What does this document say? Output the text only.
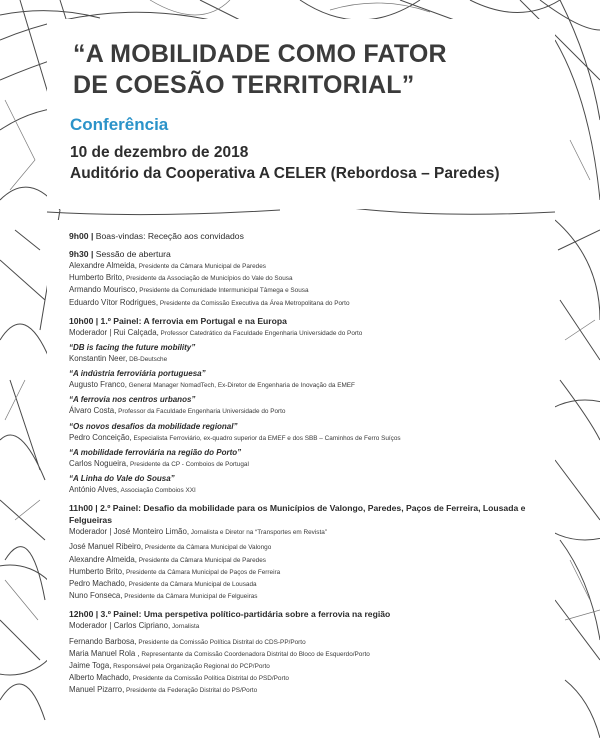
“A MOBILIDADE COMO FATOR
DE COESÃO TERRITORIAL”
Conferência
10 de dezembro de 2018
Auditório da Cooperativa A CELER (Rebordosa – Paredes)
9h00 | Boas-vindas: Receção aos convidados
9h30 | Sessão de abertura
Alexandre Almeida, Presidente da Câmara Municipal de Paredes
Humberto Brito, Presidente da Associação de Municípios do Vale do Sousa
Armando Mourisco, Presidente da Comunidade Intermunicipal Tâmega e Sousa
Eduardo Vítor Rodrigues, Presidente da Comissão Executiva da Área Metropolitana do Porto
10h00 | 1.º Painel: A ferrovia em Portugal e na Europa
Moderador | Rui Calçada, Professor Catedrático da Faculdade Engenharia Universidade do Porto
“DB is facing the future mobility”
Konstantin Neer, DB-Deutsche
“A indústria ferroviária portuguesa”
Augusto Franco, General Manager NomadTech, Ex-Diretor de Engenharia de Inovação da EMEF
“A ferrovia nos centros urbanos”
Álvaro Costa, Professor da Faculdade Engenharia Universidade do Porto
“Os novos desafios da mobilidade regional”
Pedro Conceição, Especialista Ferroviário, ex-quadro superior da EMEF e dos SBB – Caminhos de Ferro Suíços
“A mobilidade ferroviária na região do Porto”
Carlos Nogueira, Presidente da CP - Comboios de Portugal
“A Linha do Vale do Sousa”
António Alves, Associação Comboios XXI
11h00 | 2.º Painel: Desafio da mobilidade para os Municípios de Valongo, Paredes, Paços de Ferreira, Lousada e Felgueiras
Moderador | José Monteiro Limão, Jornalista e Diretor na “Transportes em Revista”
José Manuel Ribeiro, Presidente da Câmara Municipal de Valongo
Alexandre Almeida, Presidente da Câmara Municipal de Paredes
Humberto Brito, Presidente da Câmara Municipal de Paços de Ferreira
Pedro Machado, Presidente da Câmara Municipal de Lousada
Nuno Fonseca, Presidente da Câmara Municipal de Felgueiras
12h00 | 3.º Painel: Uma perspetiva político-partidária sobre a ferrovia na região
Moderador | Carlos Cipriano, Jornalista
Fernando Barbosa, Presidente da Comissão Política Distrital do CDS-PP/Porto
Maria Manuel Rola , Representante da Comissão Coordenadora Distrital do Bloco de Esquerdo/Porto
Jaime Toga, Responsável pela Organização Regional do PCP/Porto
Alberto Machado, Presidente da Comissão Política Distrital do PSD/Porto
Manuel Pizarro, Presidente da Federação Distrital do PS/Porto
